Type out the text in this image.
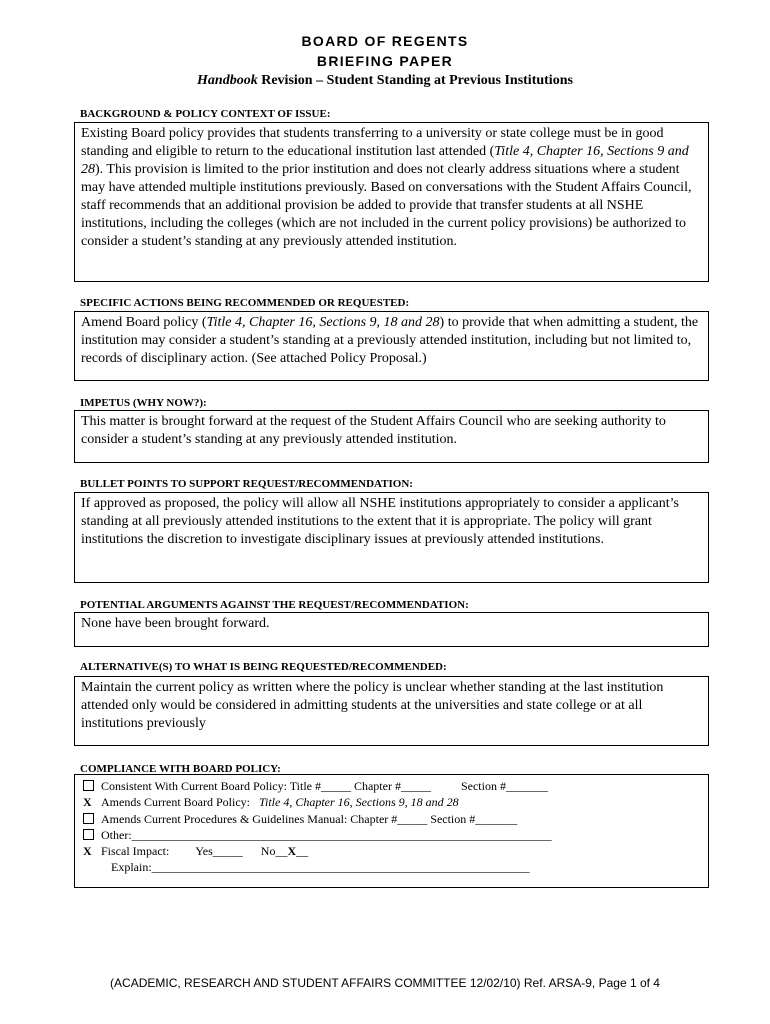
BOARD OF REGENTS
BRIEFING PAPER
Handbook Revision – Student Standing at Previous Institutions
BACKGROUND & POLICY CONTEXT OF ISSUE:

Existing Board policy provides that students transferring to a university or state college must be in good standing and eligible to return to the educational institution last attended (Title 4, Chapter 16, Sections 9 and 28). This provision is limited to the prior institution and does not clearly address situations where a student may have attended multiple institutions previously. Based on conversations with the Student Affairs Council, staff recommends that an additional provision be added to provide that transfer students at all NSHE institutions, including the colleges (which are not included in the current policy provisions) be authorized to consider a student’s standing at any previously attended institution.

SPECIFIC ACTIONS BEING RECOMMENDED OR REQUESTED:

Amend Board policy (Title 4, Chapter 16, Sections 9, 18 and 28) to provide that when admitting a student, the institution may consider a student’s standing at a previously attended institution, including but not limited to, records of disciplinary action. (See attached Policy Proposal.)

IMPETUS (WHY NOW?):

This matter is brought forward at the request of the Student Affairs Council who are seeking authority to consider a student’s standing at any previously attended institution.

BULLET POINTS TO SUPPORT REQUEST/RECOMMENDATION:

If approved as proposed, the policy will allow all NSHE institutions appropriately to consider a applicant’s standing at all previously attended institutions to the extent that it is appropriate. The policy will grant institutions the discretion to investigate disciplinary issues at previously attended institutions.

POTENTIAL ARGUMENTS AGAINST THE REQUEST/RECOMMENDATION:

None have been brought forward.

ALTERNATIVE(S) TO WHAT IS BEING REQUESTED/RECOMMENDED:

Maintain the current policy as written where the policy is unclear whether standing at the last institution attended only would be considered in admitting students at the universities and state college or at all institutions previously

COMPLIANCE WITH BOARD POLICY:
Consistent With Current Board Policy: Title #_____ Chapter #_____	Section #_______
X Amends Current Board Policy: Title 4, Chapter 16, Sections 9, 18 and 28
Amends Current Procedures & Guidelines Manual: Chapter #_____ Section #_______
Other:______________________________________________________________________
X Fiscal Impact: Yes_____ No__X__
Explain:_______________________________________________________________
(ACADEMIC, RESEARCH AND STUDENT AFFAIRS COMMITTEE 12/02/10) Ref. ARSA-9, Page 1 of 4
